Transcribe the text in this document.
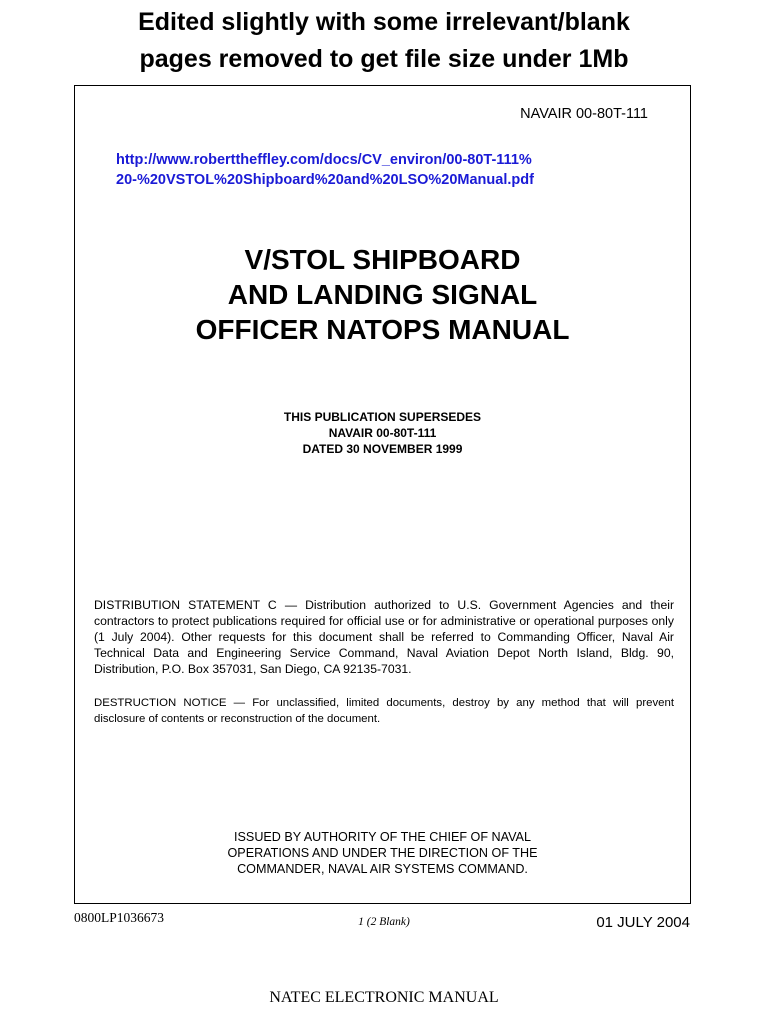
Edited slightly with some irrelevant/blank
pages removed to get file size under 1Mb
NAVAIR 00-80T-111
http://www.roberttheffley.com/docs/CV_environ/00-80T-111%
20-%20VSTOL%20Shipboard%20and%20LSO%20Manual.pdf
V/STOL SHIPBOARD
AND LANDING SIGNAL
OFFICER NATOPS MANUAL
THIS PUBLICATION SUPERSEDES
NAVAIR 00-80T-111
DATED 30 NOVEMBER 1999
DISTRIBUTION STATEMENT C — Distribution authorized to U.S. Government Agencies and their contractors to protect publications required for official use or for administrative or operational purposes only (1 July 2004). Other requests for this document shall be referred to Commanding Officer, Naval Air Technical Data and Engineering Service Command, Naval Aviation Depot North Island, Bldg. 90, Distribution, P.O. Box 357031, San Diego, CA 92135-7031.
DESTRUCTION NOTICE — For unclassified, limited documents, destroy by any method that will prevent disclosure of contents or reconstruction of the document.
ISSUED BY AUTHORITY OF THE CHIEF OF NAVAL
OPERATIONS AND UNDER THE DIRECTION OF THE
COMMANDER, NAVAL AIR SYSTEMS COMMAND.
0800LP1036673	1 (2 Blank)	01 JULY 2004
NATEC ELECTRONIC MANUAL
